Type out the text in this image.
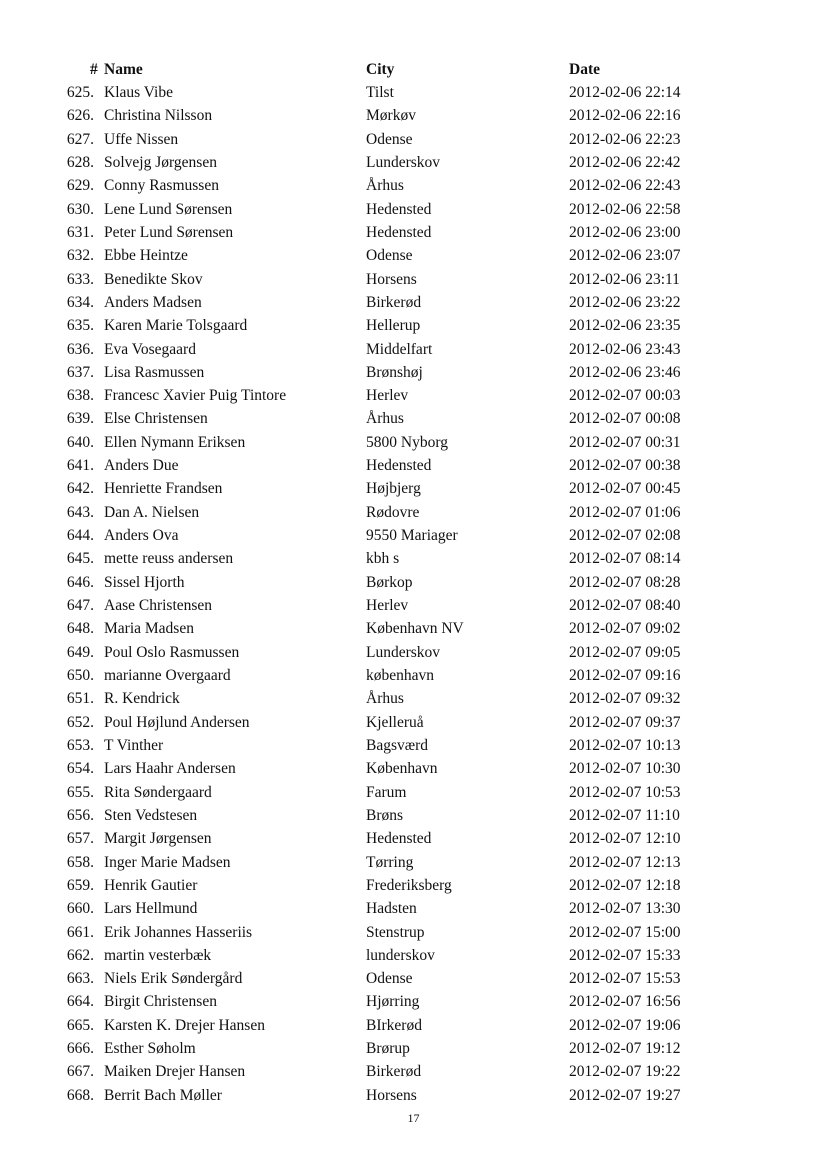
# Name	City	Date
625. Klaus Vibe	Tilst	2012-02-06 22:14
626. Christina Nilsson	Mørkøv	2012-02-06 22:16
627. Uffe Nissen	Odense	2012-02-06 22:23
628. Solvejg Jørgensen	Lunderskov	2012-02-06 22:42
629. Conny Rasmussen	Århus	2012-02-06 22:43
630. Lene Lund Sørensen	Hedensted	2012-02-06 22:58
631. Peter Lund Sørensen	Hedensted	2012-02-06 23:00
632. Ebbe Heintze	Odense	2012-02-06 23:07
633. Benedikte Skov	Horsens	2012-02-06 23:11
634. Anders Madsen	Birkerød	2012-02-06 23:22
635. Karen Marie Tolsgaard	Hellerup	2012-02-06 23:35
636. Eva Vosegaard	Middelfart	2012-02-06 23:43
637. Lisa Rasmussen	Brønshøj	2012-02-06 23:46
638. Francesc Xavier Puig Tintore	Herlev	2012-02-07 00:03
639. Else Christensen	Århus	2012-02-07 00:08
640. Ellen Nymann Eriksen	5800 Nyborg	2012-02-07 00:31
641. Anders Due	Hedensted	2012-02-07 00:38
642. Henriette Frandsen	Højbjerg	2012-02-07 00:45
643. Dan A. Nielsen	Rødovre	2012-02-07 01:06
644. Anders Ova	9550 Mariager	2012-02-07 02:08
645. mette reuss andersen	kbh s	2012-02-07 08:14
646. Sissel Hjorth	Børkop	2012-02-07 08:28
647. Aase Christensen	Herlev	2012-02-07 08:40
648. Maria Madsen	København NV	2012-02-07 09:02
649. Poul Oslo Rasmussen	Lunderskov	2012-02-07 09:05
650. marianne Overgaard	københavn	2012-02-07 09:16
651. R. Kendrick	Århus	2012-02-07 09:32
652. Poul Højlund Andersen	Kjelleruå	2012-02-07 09:37
653. T Vinther	Bagsværd	2012-02-07 10:13
654. Lars Haahr Andersen	København	2012-02-07 10:30
655. Rita Søndergaard	Farum	2012-02-07 10:53
656. Sten Vedstesen	Brøns	2012-02-07 11:10
657. Margit Jørgensen	Hedensted	2012-02-07 12:10
658. Inger Marie Madsen	Tørring	2012-02-07 12:13
659. Henrik Gautier	Frederiksberg	2012-02-07 12:18
660. Lars Hellmund	Hadsten	2012-02-07 13:30
661. Erik Johannes Hasseriis	Stenstrup	2012-02-07 15:00
662. martin vesterbæk	lunderskov	2012-02-07 15:33
663. Niels Erik Søndergård	Odense	2012-02-07 15:53
664. Birgit Christensen	Hjørring	2012-02-07 16:56
665. Karsten K. Drejer Hansen	BIrkerød	2012-02-07 19:06
666. Esther Søholm	Brørup	2012-02-07 19:12
667. Maiken Drejer Hansen	Birkerød	2012-02-07 19:22
668. Berrit Bach Møller	Horsens	2012-02-07 19:27
17
